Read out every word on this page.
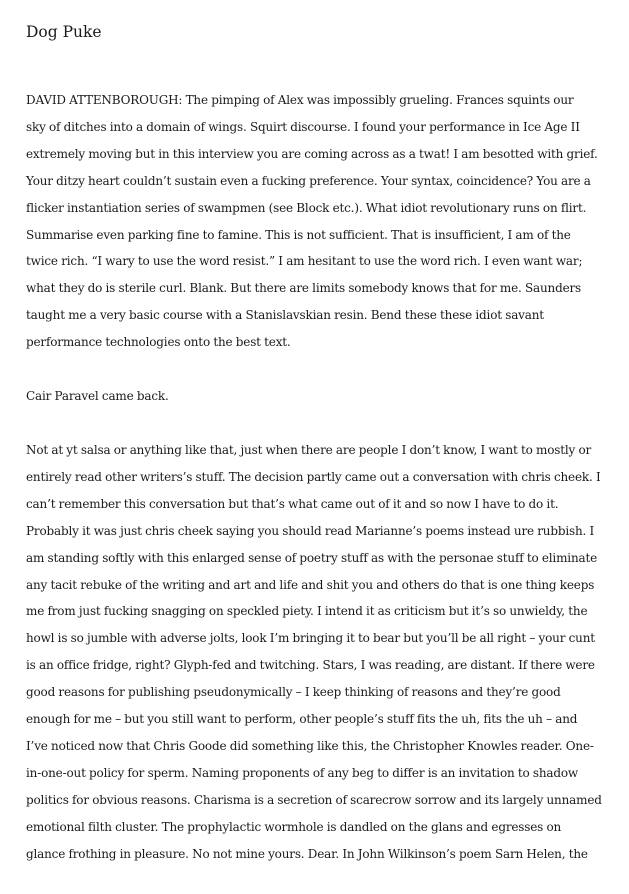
Dog Puke

DAVID ATTENBOROUGH: The pimping of Alex was impossibly grueling. Frances squints our
sky of ditches into a domain of wings. Squirt discourse. I found your performance in Ice Age II
extremely moving but in this interview you are coming across as a twat! I am besotted with grief.
Your ditzy heart couldn’t sustain even a fucking preference. Your syntax, coincidence? You are a
flicker instantiation series of swampmen (see Block etc.). What idiot revolutionary runs on flirt.
Summarise even parking fine to famine. This is not sufficient. That is insufficient, I am of the
twice rich. “I wary to use the word resist.” I am hesitant to use the word rich. I even want war;
what they do is sterile curl. Blank. But there are limits somebody knows that for me. Saunders
taught me a very basic course with a Stanislavskian resin. Bend these these idiot savant
performance technologies onto the best text.

Cair Paravel came back.

Not at yt salsa or anything like that, just when there are people I don’t know, I want to mostly or
entirely read other writers’s stuff. The decision partly came out a conversation with chris cheek. I
can’t remember this conversation but that’s what came out of it and so now I have to do it.
Probably it was just chris cheek saying you should read Marianne’s poems instead ure rubbish. I
am standing softly with this enlarged sense of poetry stuff as with the personae stuff to eliminate
any tacit rebuke of the writing and art and life and shit you and others do that is one thing keeps
me from just fucking snagging on speckled piety. I intend it as criticism but it’s so unwieldy, the
howl is so jumble with adverse jolts, look I’m bringing it to bear but you’ll be all right – your cunt
is an office fridge, right? Glyph-fed and twitching. Stars, I was reading, are distant. If there were
good reasons for publishing pseudonymically – I keep thinking of reasons and they’re good
enough for me – but you still want to perform, other people’s stuff fits the uh, fits the uh – and
I’ve noticed now that Chris Goode did something like this, the Christopher Knowles reader. One-
in-one-out policy for sperm. Naming proponents of any beg to differ is an invitation to shadow
politics for obvious reasons. Charisma is a secretion of scarecrow sorrow and its largely unnamed
emotional filth cluster. The prophylactic wormhole is dandled on the glans and egresses on
glance frothing in pleasure. No not mine yours. Dear. In John Wilkinson’s poem Sarn Helen, the
